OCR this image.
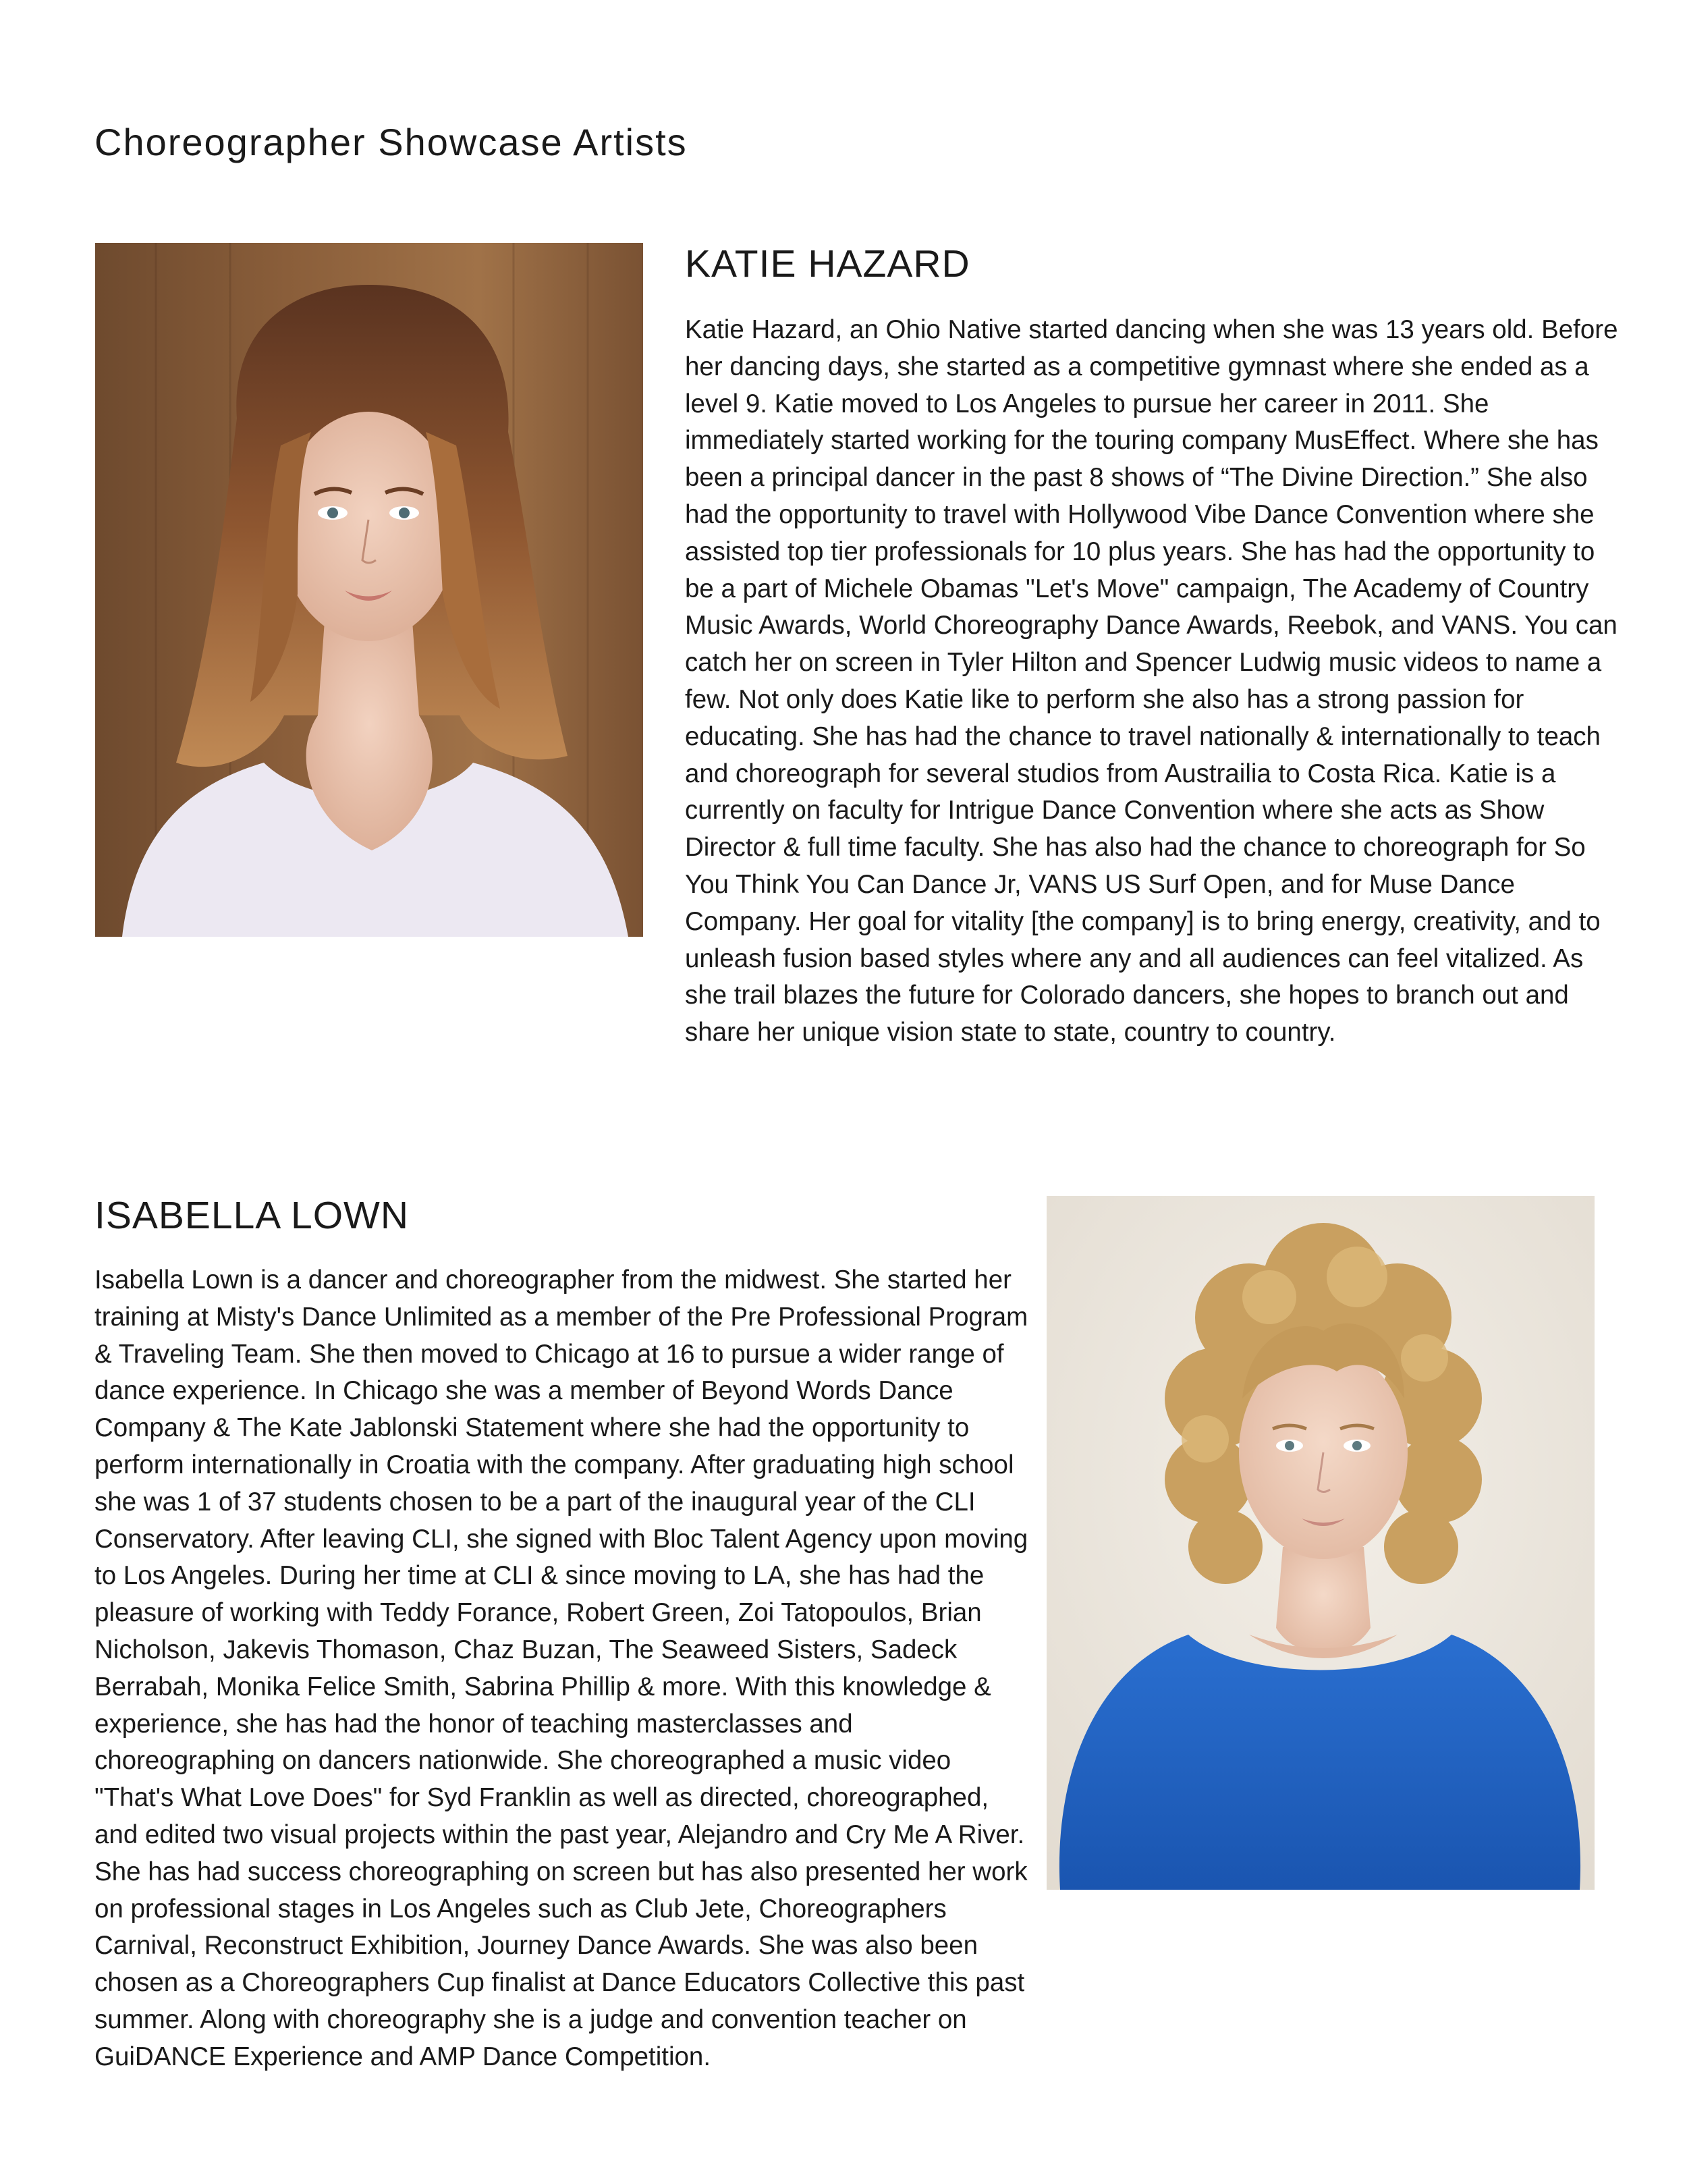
Choreographer Showcase Artists
KATIE HAZARD

Katie Hazard, an Ohio Native started dancing when she was 13 years old. Before her dancing days, she started as a competitive gymnast where she ended as a level 9. Katie moved to Los Angeles to pursue her career in 2011. She immediately started working for the touring company MusEffect. Where she has been a principal dancer in the past 8 shows of “The Divine Direction.” She also had the opportunity to travel with Hollywood Vibe Dance Convention where she assisted top tier professionals for 10 plus years. She has had the opportunity to be a part of Michele Obamas "Let's Move" campaign, The Academy of Country Music Awards, World Choreography Dance Awards, Reebok, and VANS. You can catch her on screen in Tyler Hilton and Spencer Ludwig music videos to name a few. Not only does Katie like to perform she also has a strong passion for educating. She has had the chance to travel nationally & internationally to teach and choreograph for several studios from Austrailia to Costa Rica. Katie is a currently on faculty for Intrigue Dance Convention where she acts as Show Director & full time faculty. She has also had the chance to choreograph for So You Think You Can Dance Jr, VANS US Surf Open, and for Muse Dance Company. Her goal for vitality [the company] is to bring energy, creativity, and to unleash fusion based styles where any and all audiences can feel vitalized. As she trail blazes the future for Colorado dancers, she hopes to branch out and share her unique vision state to state, country to country.

ISABELLA LOWN

Isabella Lown is a dancer and choreographer from the midwest. She started her training at Misty's Dance Unlimited as a member of the Pre Professional Program & Traveling Team. She then moved to Chicago at 16 to pursue a wider range of dance experience. In Chicago she was a member of Beyond Words Dance Company & The Kate Jablonski Statement where she had the opportunity to perform internationally in Croatia with the company. After graduating high school she was 1 of 37 students chosen to be a part of the inaugural year of the CLI Conservatory. After leaving CLI, she signed with Bloc Talent Agency upon moving to Los Angeles. During her time at CLI & since moving to LA, she has had the pleasure of working with Teddy Forance, Robert Green, Zoi Tatopoulos, Brian Nicholson, Jakevis Thomason, Chaz Buzan, The Seaweed Sisters, Sadeck Berrabah, Monika Felice Smith, Sabrina Phillip & more. With this knowledge & experience, she has had the honor of teaching masterclasses and choreographing on dancers nationwide. She choreographed a music video "That's What Love Does" for Syd Franklin as well as directed, choreographed, and edited two visual projects within the past year, Alejandro and Cry Me A River. She has had success choreographing on screen but has also presented her work on professional stages in Los Angeles such as Club Jete, Choreographers Carnival, Reconstruct Exhibition, Journey Dance Awards. She was also been chosen as a Choreographers Cup finalist at Dance Educators Collective this past summer. Along with choreography she is a judge and convention teacher on GuiDANCE Experience and AMP Dance Competition.
